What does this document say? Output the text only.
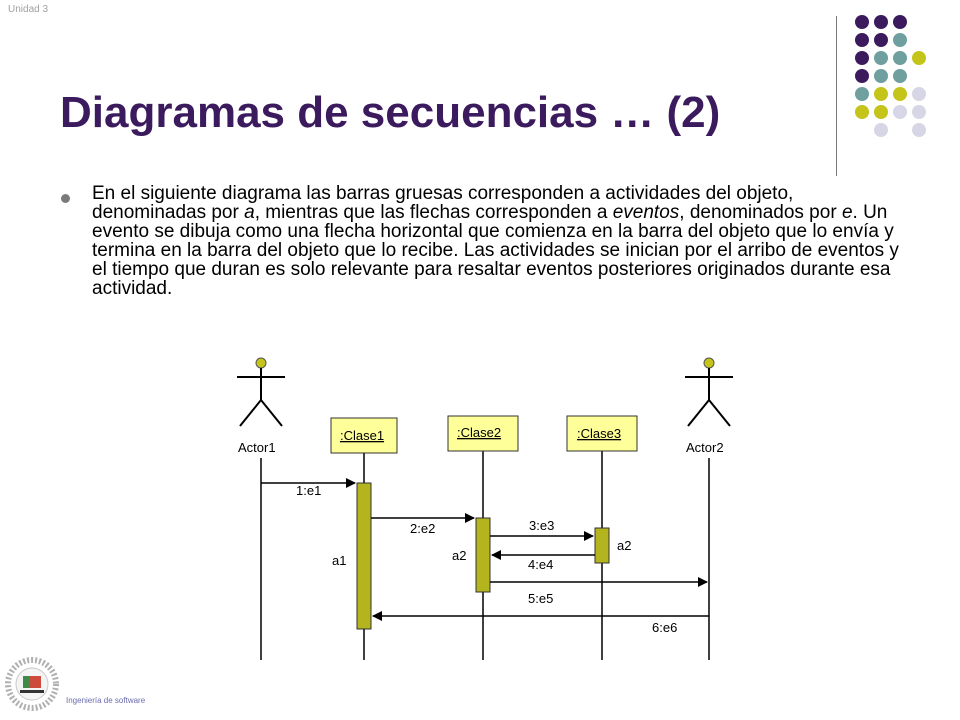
Unidad 3
Diagramas de secuencias … (2)
En el siguiente diagrama las barras gruesas corresponden a actividades del objeto, denominadas por a, mientras que las flechas corresponden a eventos, denominados por e. Un evento se dibuja como una flecha horizontal que comienza en la barra del objeto que lo envía y termina en la barra del objeto que lo recibe. Las actividades se inician por el arribo de eventos y el tiempo que duran es solo relevante para resaltar eventos posteriores originados durante esa actividad.
Actor1	Actor2
:Clase1	:Clase2	:Clase3
a1	a2
a2
1:e1
2:e2	3:e3
4:e4
5:e5
6:e6
Ingeniería de software
